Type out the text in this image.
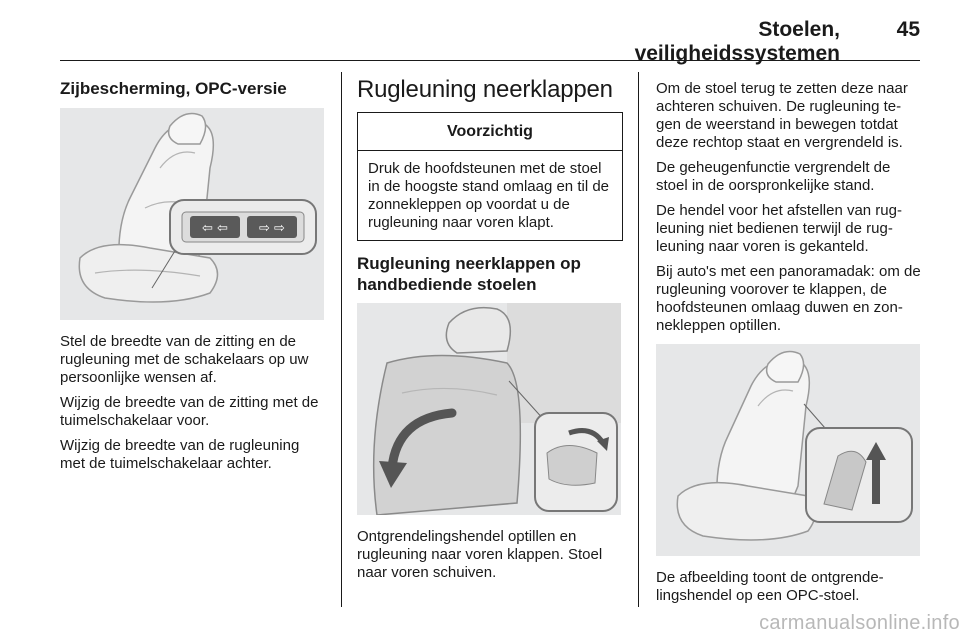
Stoelen, veiligheidssystemen
45
Zijbescherming, OPC-versie
⇦ ⇦ ⇨ ⇨

Stel de breedte van de zitting en de rugleuning met de schakelaars op uw persoonlijke wensen af.

Wijzig de breedte van de zitting met de tuimelschakelaar voor.

Wijzig de breedte van de rugleuning met de tuimelschakelaar achter.

Rugleuning neerklappen
Voorzichtig
Druk de hoofdsteunen met de stoel in de hoogste stand omlaag en til de zonnekleppen op voordat u de rugleuning naar voren klapt.
Rugleuning neerklappen op handbediende stoelen

Ontgrendelingshendel optillen en rugleuning naar voren klappen. Stoel naar voren schuiven.

Om de stoel terug te zetten deze naar achteren schuiven. De rugleuning te-gen de weerstand in bewegen totdat deze rechtop staat en vergrendeld is.

De geheugenfunctie vergrendelt de stoel in de oorspronkelijke stand.

De hendel voor het afstellen van rug-leuning niet bedienen terwijl de rug-leuning naar voren is gekanteld.

Bij auto's met een panoramadak: om de rugleuning voorover te klappen, de hoofdsteunen omlaag duwen en zon-nekleppen optillen.

De afbeelding toont de ontgrende-lingshendel op een OPC-stoel.

carmanualsonline.info
